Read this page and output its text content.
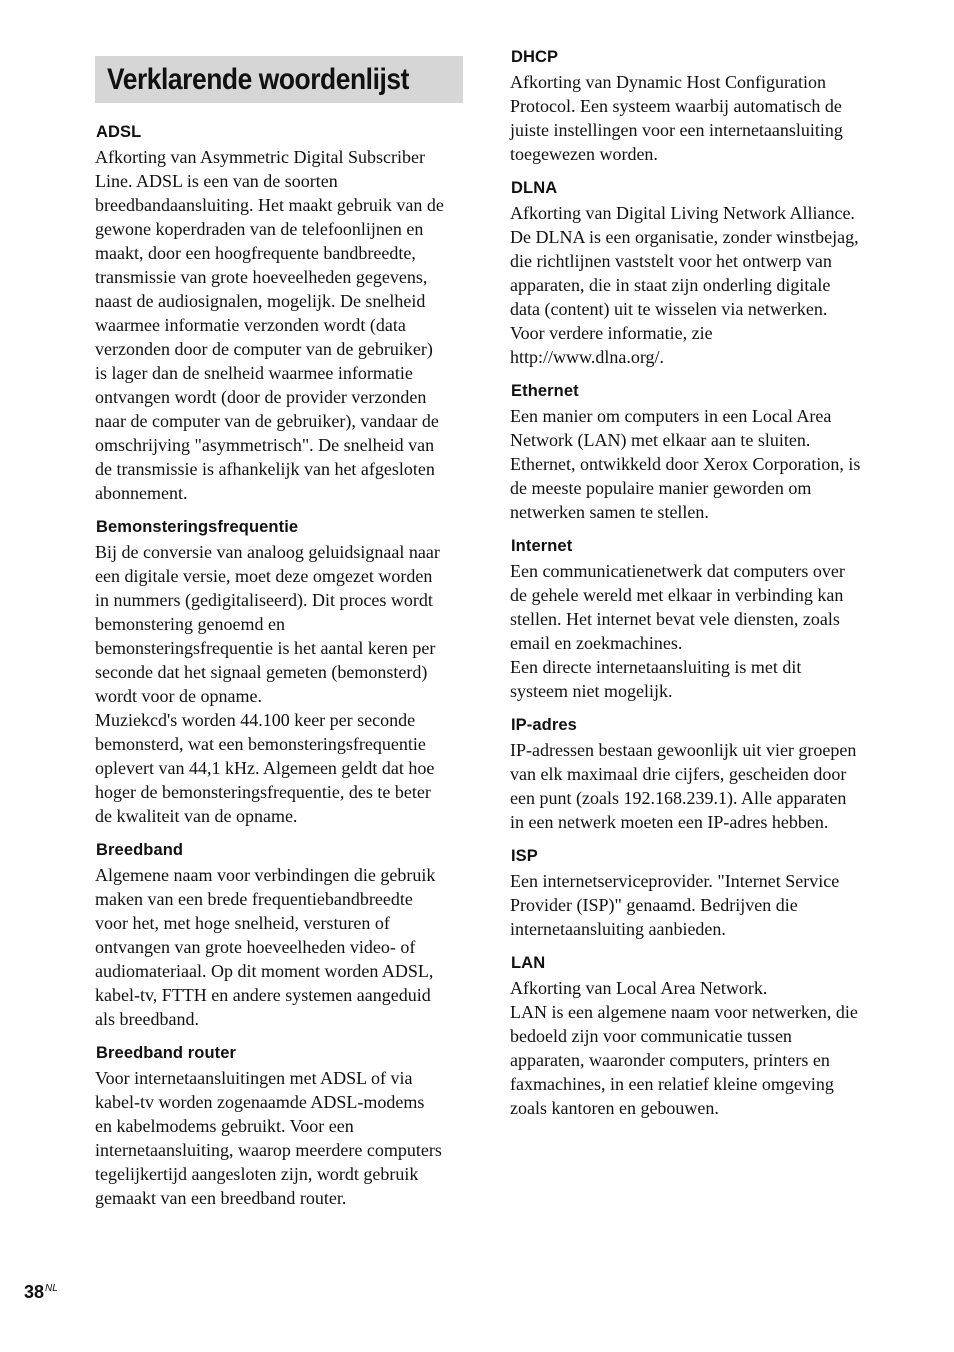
Verklarende woordenlijst
ADSL
Afkorting van Asymmetric Digital Subscriber
Line. ADSL is een van de soorten
breedbandaansluiting. Het maakt gebruik van de
gewone koperdraden van de telefoonlijnen en
maakt, door een hoogfrequente bandbreedte,
transmissie van grote hoeveelheden gegevens,
naast de audiosignalen, mogelijk. De snelheid
waarmee informatie verzonden wordt (data
verzonden door de computer van de gebruiker)
is lager dan de snelheid waarmee informatie
ontvangen wordt (door de provider verzonden
naar de computer van de gebruiker), vandaar de
omschrijving "asymmetrisch". De snelheid van
de transmissie is afhankelijk van het afgesloten
abonnement.
Bemonsteringsfrequentie
Bij de conversie van analoog geluidsignaal naar
een digitale versie, moet deze omgezet worden
in nummers (gedigitaliseerd). Dit proces wordt
bemonstering genoemd en
bemonsteringsfrequentie is het aantal keren per
seconde dat het signaal gemeten (bemonsterd)
wordt voor de opname.
Muziekcd's worden 44.100 keer per seconde
bemonsterd, wat een bemonsteringsfrequentie
oplevert van 44,1 kHz. Algemeen geldt dat hoe
hoger de bemonsteringsfrequentie, des te beter
de kwaliteit van de opname.
Breedband
Algemene naam voor verbindingen die gebruik
maken van een brede frequentiebandbreedte
voor het, met hoge snelheid, versturen of
ontvangen van grote hoeveelheden video- of
audiomateriaal. Op dit moment worden ADSL,
kabel-tv, FTTH en andere systemen aangeduid
als breedband.
Breedband router
Voor internetaansluitingen met ADSL of via
kabel-tv worden zogenaamde ADSL-modems
en kabelmodems gebruikt. Voor een
internetaansluiting, waarop meerdere computers
tegelijkertijd aangesloten zijn, wordt gebruik
gemaakt van een breedband router.
DHCP
Afkorting van Dynamic Host Configuration
Protocol. Een systeem waarbij automatisch de
juiste instellingen voor een internetaansluiting
toegewezen worden.
DLNA
Afkorting van Digital Living Network Alliance.
De DLNA is een organisatie, zonder winstbejag,
die richtlijnen vaststelt voor het ontwerp van
apparaten, die in staat zijn onderling digitale
data (content) uit te wisselen via netwerken.
Voor verdere informatie, zie
http://www.dlna.org/.
Ethernet
Een manier om computers in een Local Area
Network (LAN) met elkaar aan te sluiten.
Ethernet, ontwikkeld door Xerox Corporation, is
de meeste populaire manier geworden om
netwerken samen te stellen.
Internet
Een communicatienetwerk dat computers over
de gehele wereld met elkaar in verbinding kan
stellen. Het internet bevat vele diensten, zoals
email en zoekmachines.
Een directe internetaansluiting is met dit
systeem niet mogelijk.
IP-adres
IP-adressen bestaan gewoonlijk uit vier groepen
van elk maximaal drie cijfers, gescheiden door
een punt (zoals 192.168.239.1). Alle apparaten
in een netwerk moeten een IP-adres hebben.
ISP
Een internetserviceprovider. "Internet Service
Provider (ISP)" genaamd. Bedrijven die
internetaansluiting aanbieden.
LAN
Afkorting van Local Area Network.
LAN is een algemene naam voor netwerken, die
bedoeld zijn voor communicatie tussen
apparaten, waaronder computers, printers en
faxmachines, in een relatief kleine omgeving
zoals kantoren en gebouwen.
$38^{NL}$
